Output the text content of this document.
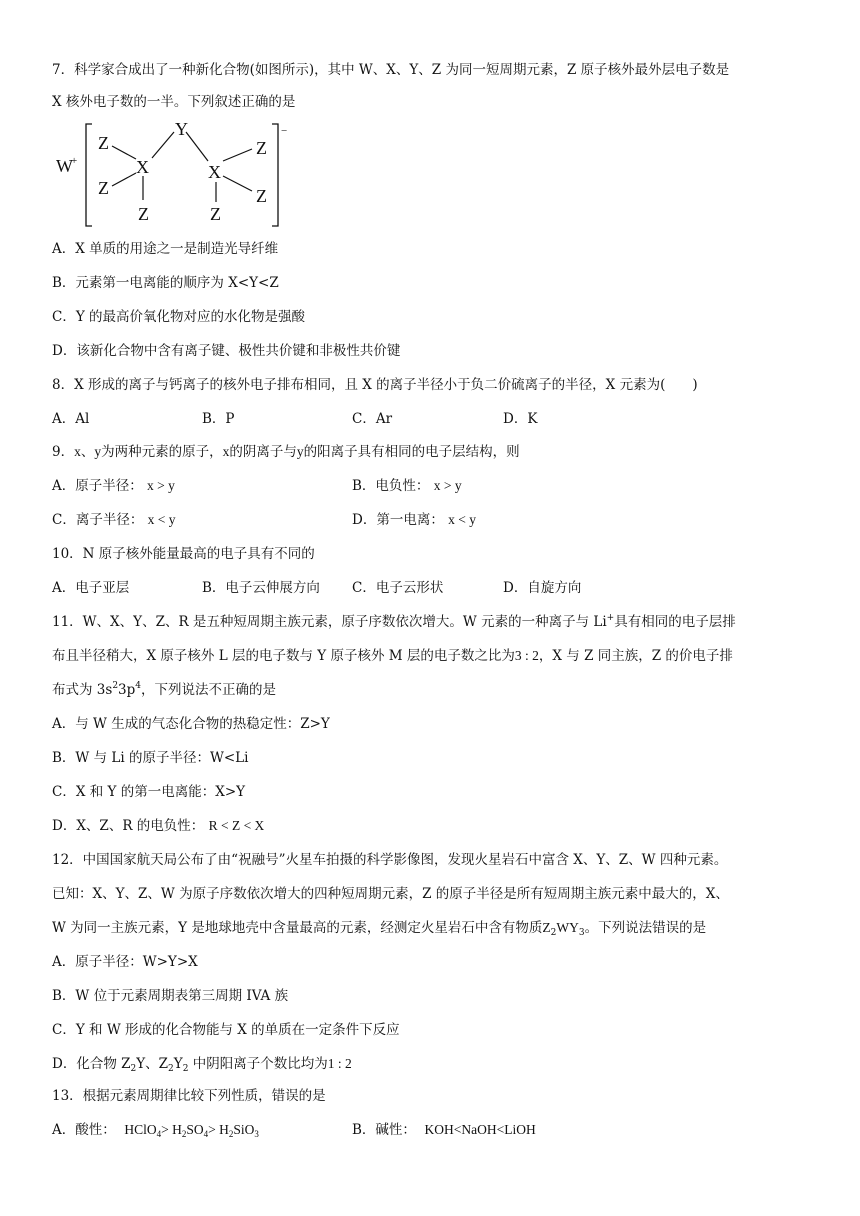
7．科学家合成出了一种新化合物(如图所示)，其中 W、X、Y、Z 为同一短周期元素，Z 原子核外最外层电子数是
X 核外电子数的一半。下列叙述正确的是
W
+
−
Y
X	X
Z
Z
Z
Z
Z
Z
A．X 单质的用途之一是制造光导纤维
B．元素第一电离能的顺序为 X<Y<Z
C．Y 的最高价氧化物对应的水化物是强酸
D．该新化合物中含有离子键、极性共价键和非极性共价键
8．X 形成的离子与钙离子的核外电子排布相同，且 X 的离子半径小于负二价硫离子的半径，X 元素为(　　)
A．Al	B．P	C．Ar	D．K
9．x、y为两种元素的原子，x的阴离子与y的阳离子具有相同的电子层结构，则
A．原子半径： x > y	B．电负性： x > y
C．离子半径： x < y	D．第一电离： x < y
10．N 原子核外能量最高的电子具有不同的
A．电子亚层	B．电子云伸展方向 C．电子云形状	D．自旋方向
11．W、X、Y、Z、R 是五种短周期主族元素，原子序数依次增大。W 元素的一种离子与 Li+具有相同的电子层排
布且半径稍大，X 原子核外 L 层的电子数与 Y 原子核外 M 层的电子数之比为3 : 2，X 与 Z 同主族，Z 的价电子排
布式为 $3s^23p^4$，下列说法不正确的是
A．与 W 生成的气态化合物的热稳定性：Z>Y
B．W 与 Li 的原子半径：W<Li
C．X 和 Y 的第一电离能：X>Y
D．X、Z、R 的电负性： R < Z < X
12．中国国家航天局公布了由“祝融号”火星车拍摄的科学影像图，发现火星岩石中富含 X、Y、Z、W 四种元素。
已知：X、Y、Z、W 为原子序数依次增大的四种短周期元素，Z 的原子半径是所有短周期主族元素中最大的，X、
W 为同一主族元素，Y 是地球地壳中含量最高的元素，经测定火星岩石中含有物质$Z_2WY_3$。下列说法错误的是
A．原子半径：W>Y>X
B．W 位于元素周期表第三周期 IVA 族
C．Y 和 W 形成的化合物能与 X 的单质在一定条件下反应
D．化合物 $Z_2Y$、$Z_2Y_2$ 中阴阳离子个数比均为1 : 2
13．根据元素周期律比较下列性质，错误的是
A．酸性： HClO$_4$> $H_2SO_4> H_2SiO_3$	B．碱性： KOH<NaOH<LiOH
